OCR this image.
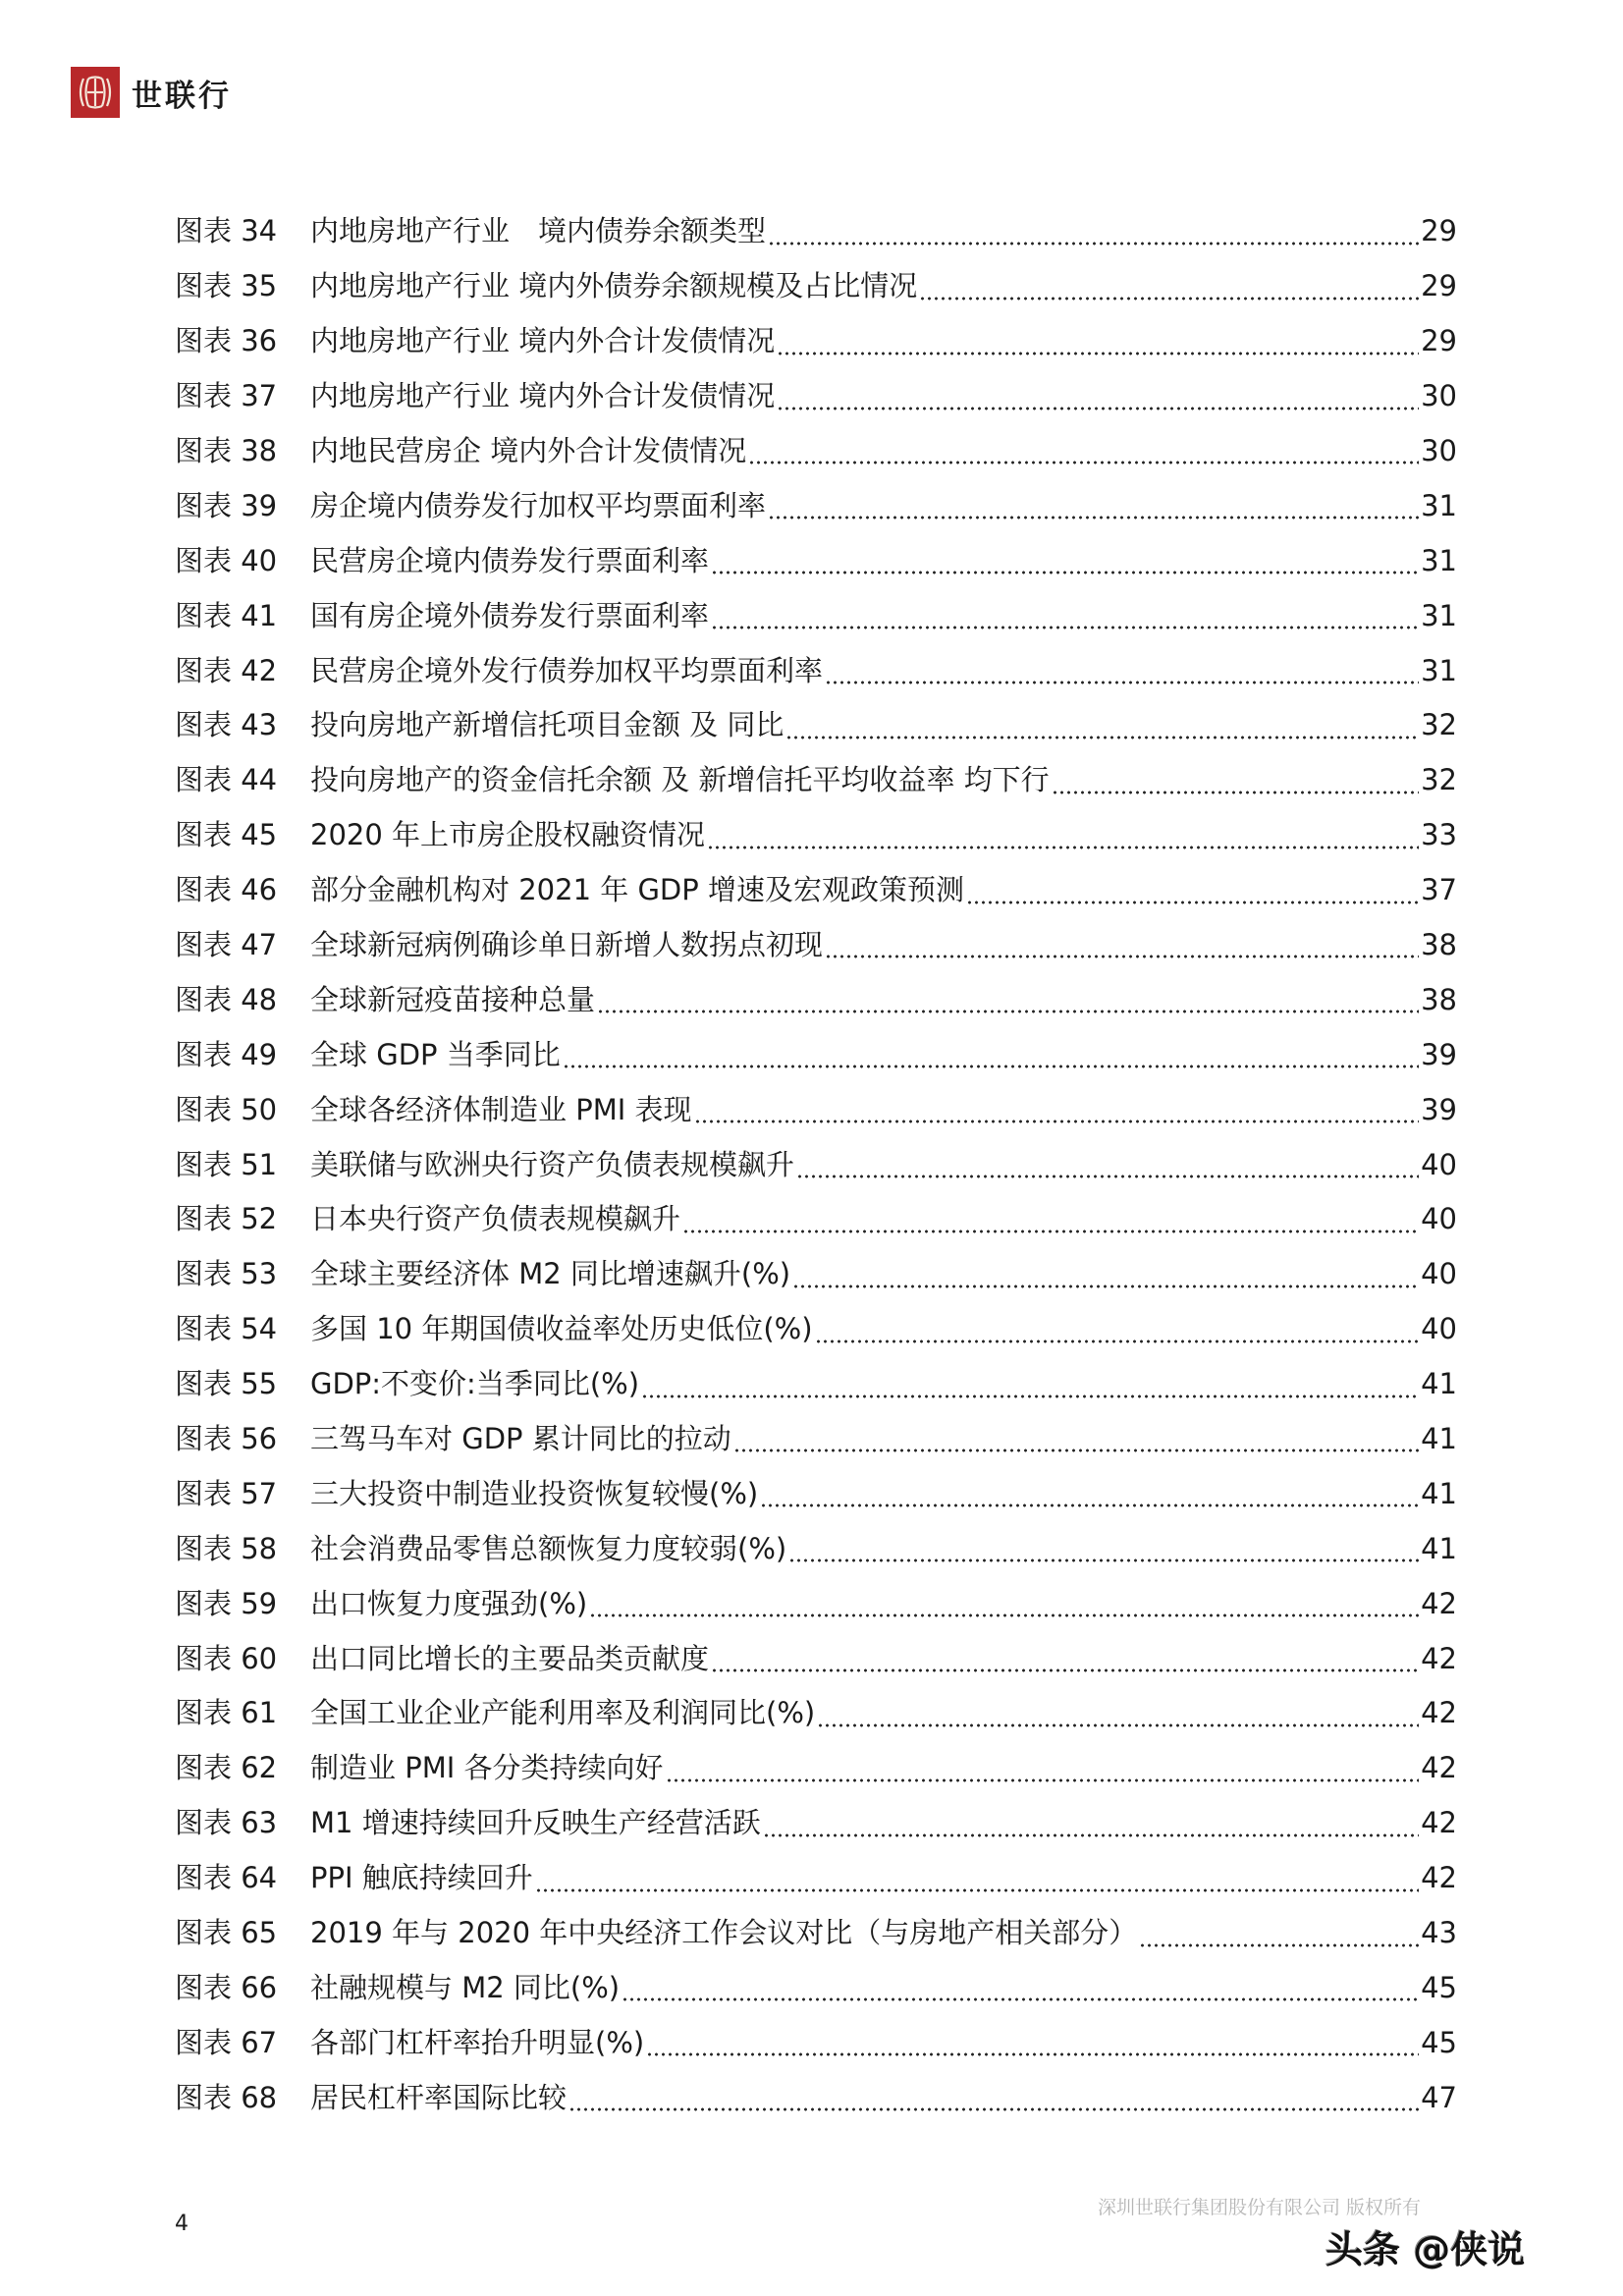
世联行
图表 34	内地房地产行业　境内债券余额类型	29
图表 35	内地房地产行业 境内外债券余额规模及占比情况	29
图表 36	内地房地产行业 境内外合计发债情况	29
图表 37	内地房地产行业 境内外合计发债情况	30
图表 38	内地民营房企 境内外合计发债情况	30
图表 39	房企境内债券发行加权平均票面利率	31
图表 40	民营房企境内债券发行票面利率	31
图表 41	国有房企境外债券发行票面利率	31
图表 42	民营房企境外发行债券加权平均票面利率	31
图表 43	投向房地产新增信托项目金额 及 同比	32
图表 44	投向房地产的资金信托余额 及 新增信托平均收益率 均下行	32
图表 45	2020 年上市房企股权融资情况	33
图表 46	部分金融机构对 2021 年 GDP 增速及宏观政策预测	37
图表 47	全球新冠病例确诊单日新增人数拐点初现	38
图表 48	全球新冠疫苗接种总量	38
图表 49	全球 GDP 当季同比	39
图表 50	全球各经济体制造业 PMI 表现	39
图表 51	美联储与欧洲央行资产负债表规模飙升	40
图表 52	日本央行资产负债表规模飙升	40
图表 53	全球主要经济体 M2 同比增速飙升(%)	40
图表 54	多国 10 年期国债收益率处历史低位(%)	40
图表 55	GDP:不变价:当季同比(%)	41
图表 56	三驾马车对 GDP 累计同比的拉动	41
图表 57	三大投资中制造业投资恢复较慢(%)	41
图表 58	社会消费品零售总额恢复力度较弱(%)	41
图表 59	出口恢复力度强劲(%)	42
图表 60	出口同比增长的主要品类贡献度	42
图表 61	全国工业企业产能利用率及利润同比(%)	42
图表 62	制造业 PMI 各分类持续向好	42
图表 63	M1 增速持续回升反映生产经营活跃	42
图表 64	PPI 触底持续回升	42
图表 65	2019 年与 2020 年中央经济工作会议对比（与房地产相关部分）	43
图表 66	社融规模与 M2 同比(%)	45
图表 67	各部门杠杆率抬升明显(%)	45
图表 68	居民杠杆率国际比较	47
4
深圳世联行集团股份有限公司 版权所有
头条 @侠说
